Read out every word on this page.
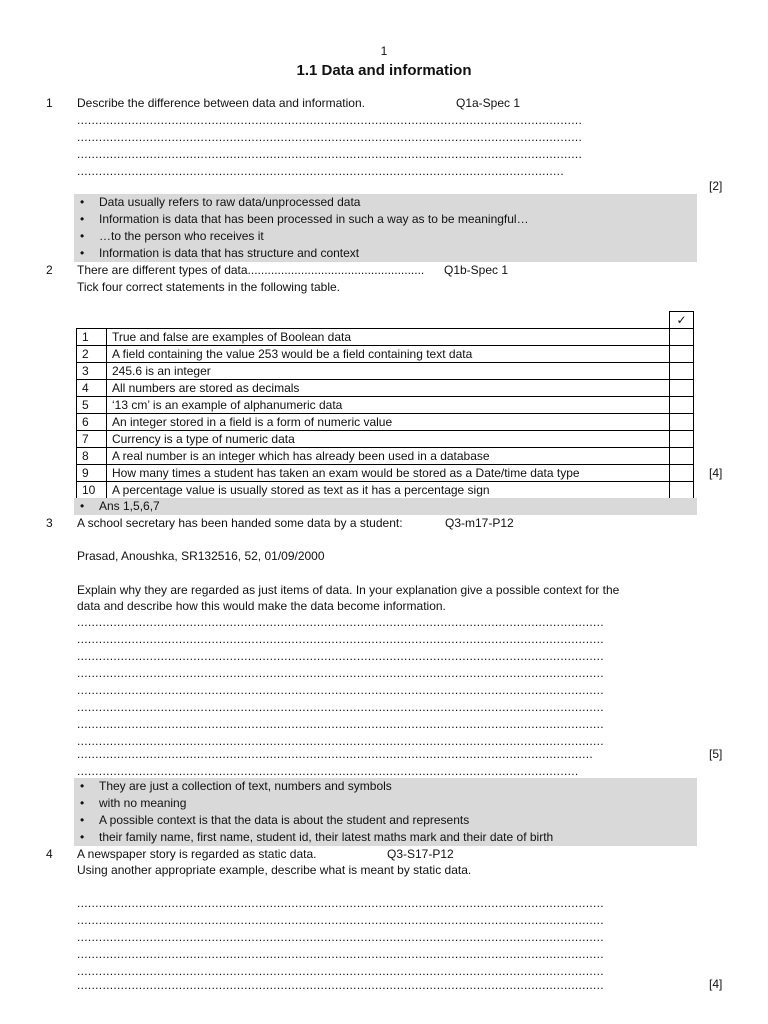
1
1.1 Data and information
1 Describe the difference between data and information.	Q1a-Spec 1
...........................................................................................................................................
...........................................................................................................................................
...........................................................................................................................................
......................................................................................................................................
[2]
• Data usually refers to raw data/unprocessed data
• Information is data that has been processed in such a way as to be meaningful…
• …to the person who receives it
• Information is data that has structure and context
2 There are different types of data..................................................... Q1b-Spec 1
Tick four correct statements in the following table.
		✓
1	True and false are examples of Boolean data	
2	A field containing the value 253 would be a field containing text data	
3	245.6 is an integer	
4	All numbers are stored as decimals	
5	‘13 cm’ is an example of alphanumeric data	
6	An integer stored in a field is a form of numeric value	
7	Currency is a type of numeric data	
8	A real number is an integer which has already been used in a database	
9	How many times a student has taken an exam would be stored as a Date/time data type	
10	A percentage value is usually stored as text as it has a percentage sign	
[4]
• Ans 1,5,6,7
3 A school secretary has been handed some data by a student:	Q3-m17-P12
Prasad, Anoushka, SR132516, 52, 01/09/2000
Explain why they are regarded as just items of data. In your explanation give a possible context for the
data and describe how this would make the data become information.
.................................................................................................................................................
.................................................................................................................................................
.................................................................................................................................................
.................................................................................................................................................
.................................................................................................................................................
.................................................................................................................................................
.................................................................................................................................................
.................................................................................................................................................
..............................................................................................................................................
..........................................................................................................................................
[5]
• They are just a collection of text, numbers and symbols
• with no meaning
• A possible context is that the data is about the student and represents
• their family name, first name, student id, their latest maths mark and their date of birth
4 A newspaper story is regarded as static data.	Q3-S17-P12
Using another appropriate example, describe what is meant by static data.
.................................................................................................................................................
.................................................................................................................................................
.................................................................................................................................................
.................................................................................................................................................
.................................................................................................................................................
.................................................................................................................................................	[4]
